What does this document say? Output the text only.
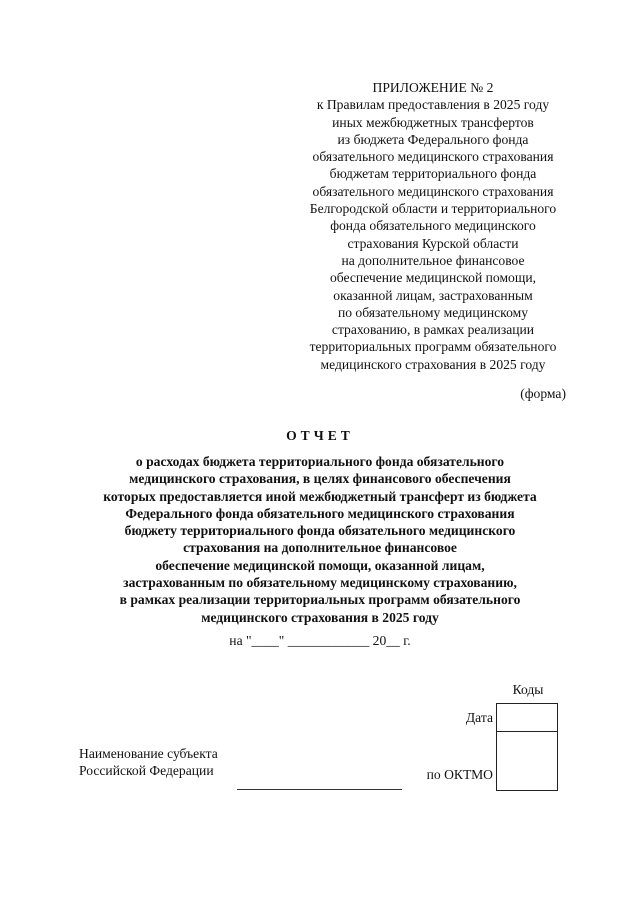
ПРИЛОЖЕНИЕ № 2
к Правилам предоставления в 2025 году
иных межбюджетных трансфертов
из бюджета Федерального фонда
обязательного медицинского страхования
бюджетам территориального фонда
обязательного медицинского страхования
Белгородской области и территориального
фонда обязательного медицинского
страхования Курской области
на дополнительное финансовое
обеспечение медицинской помощи,
оказанной лицам, застрахованным
по обязательному медицинскому
страхованию, в рамках реализации
территориальных программ обязательного
медицинского страхования в 2025 году
(форма)
ОТЧЕТ
о расходах бюджета территориального фонда обязательного
медицинского страхования, в целях финансового обеспечения
которых предоставляется иной межбюджетный трансферт из бюджета
Федерального фонда обязательного медицинского страхования
бюджету территориального фонда обязательного медицинского
страхования на дополнительное финансовое
обеспечение медицинской помощи, оказанной лицам,
застрахованным по обязательному медицинскому страхованию,
в рамках реализации территориальных программ обязательного
медицинского страхования в 2025 году
на "____" ____________ 20__ г.
Коды
Дата
по ОКТМО
Наименование субъекта
Российской Федерации
